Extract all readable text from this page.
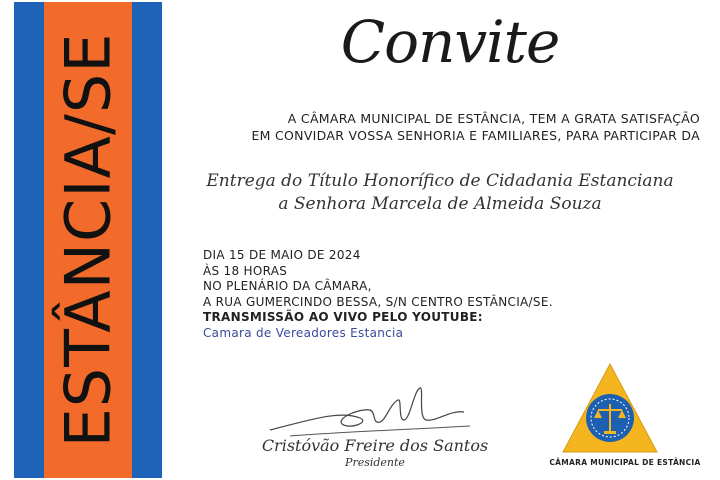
ESTÂNCIA/SE	Convite
A CÂMARA MUNICIPAL DE ESTÂNCIA, TEM A GRATA SATISFAÇÃO
EM CONVIDAR VOSSA SENHORIA E FAMILIARES, PARA PARTICIPAR DA
Entrega do Título Honorífico de Cidadania Estanciana
a Senhora Marcela de Almeida Souza
DIA 15 DE MAIO DE 2024
ÀS 18 HORAS
NO PLENÁRIO DA CÂMARA,
A RUA GUMERCINDO BESSA, S/N CENTRO ESTÂNCIA/SE.
TRANSMISSÃO AO VIVO PELO YOUTUBE:
Camara de Vereadores Estancia
Cristóvão Freire dos Santos
Presidente	CÂMARA MUNICIPAL DE ESTÂNCIA
